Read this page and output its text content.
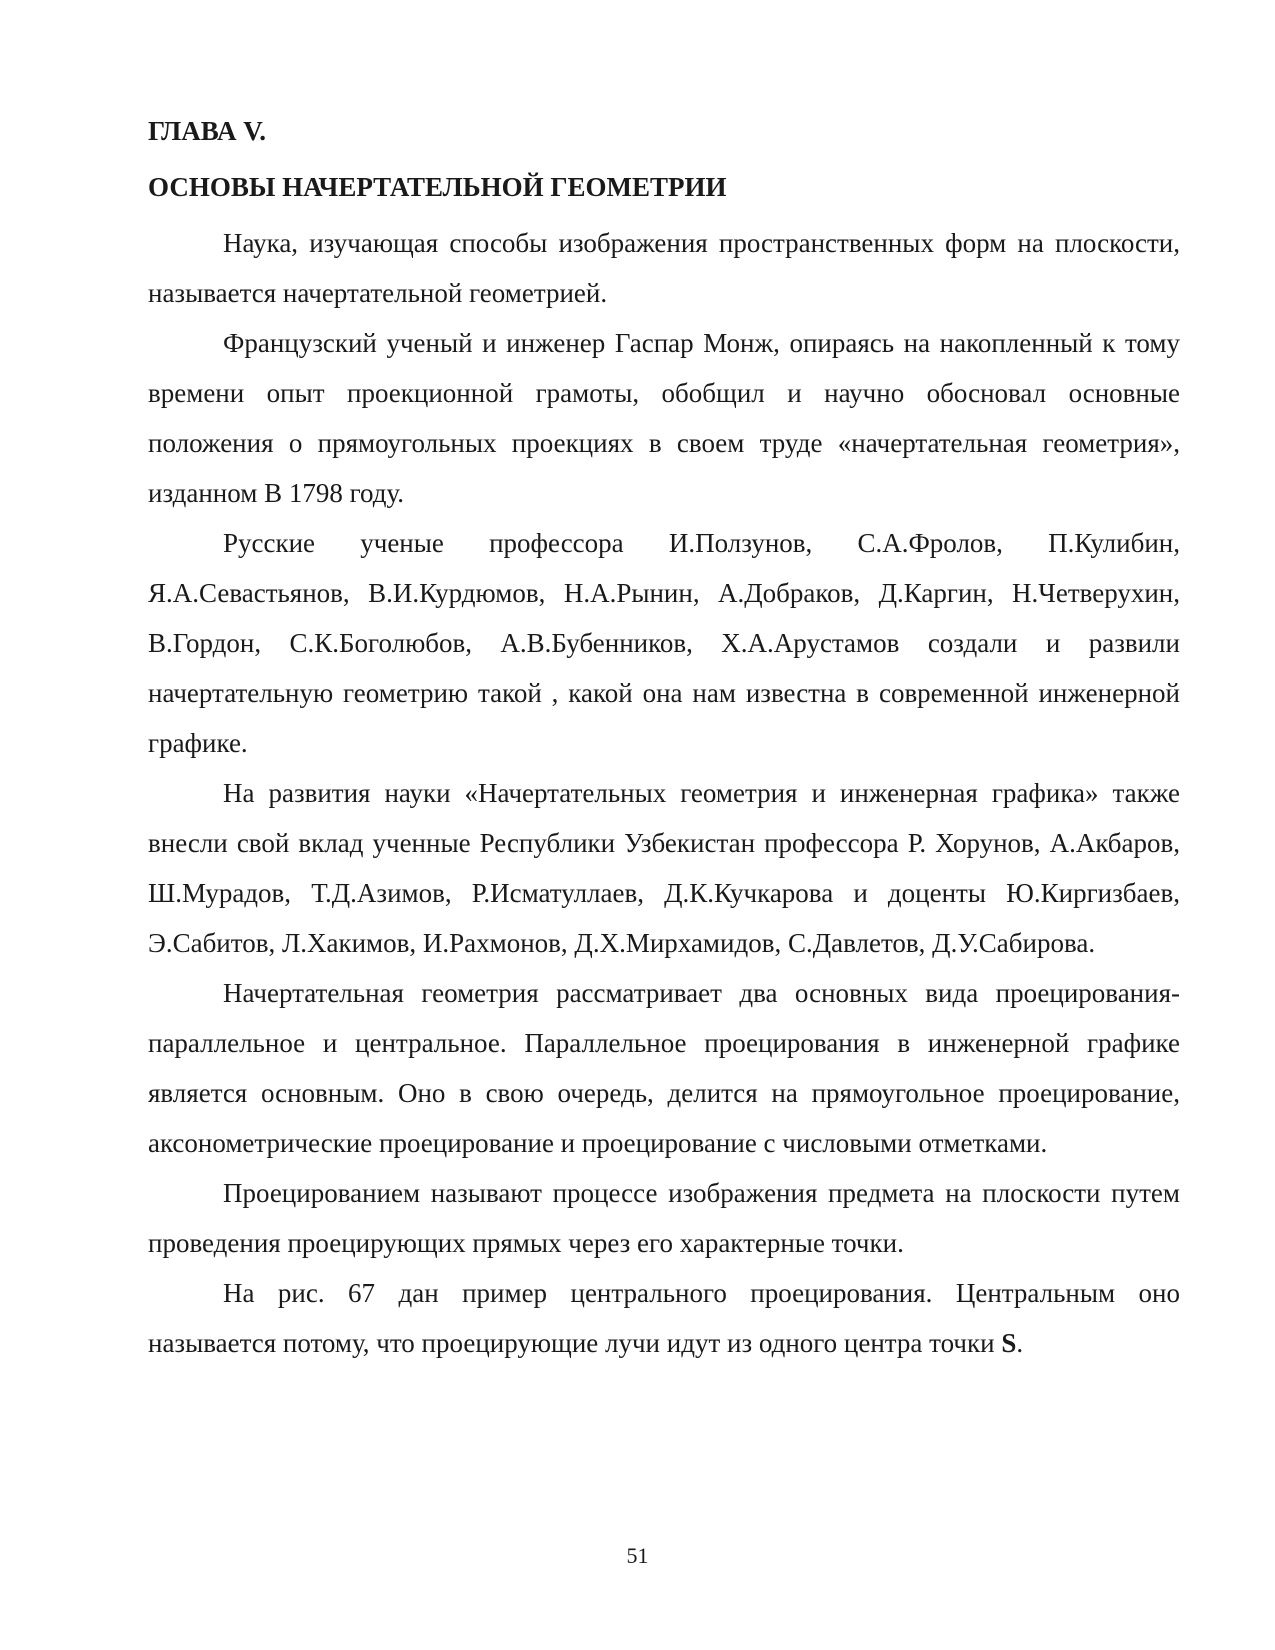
ГЛАВА V.
ОСНОВЫ НАЧЕРТАТЕЛЬНОЙ ГЕОМЕТРИИ

Наука, изучающая способы изображения пространственных форм на плоскости, называется начертательной геометрией.

Французский ученый и инженер Гаспар Монж, опираясь на накопленный к тому времени опыт проекционной грамоты, обобщил и научно обосновал основные положения о прямоугольных проекциях в своем труде «начертательная геометрия», изданном В 1798 году.

Русские ученые профессора И.Ползунов, С.А.Фролов, П.Кулибин, Я.А.Севастьянов, В.И.Курдюмов, Н.А.Рынин, А.Добраков, Д.Каргин, Н.Четверухин, В.Гордон, С.К.Боголюбов, А.В.Бубенников, Х.А.Арустамов создали и развили начертательную геометрию такой , какой она нам известна в современной инженерной графике.

На развития науки «Начертательных геометрия и инженерная графика» также внесли свой вклад ученные Республики Узбекистан профессора Р. Хорунов, А.Акбаров, Ш.Мурадов, Т.Д.Азимов, Р.Исматуллаев, Д.К.Кучкарова и доценты Ю.Киргизбаев, Э.Сабитов, Л.Хакимов, И.Рахмонов, Д.Х.Мирхамидов, С.Давлетов, Д.У.Сабирова.

Начертательная геометрия рассматривает два основных вида проецирования- параллельное и центральное. Параллельное проецирования в инженерной графике является основным. Оно в свою очередь, делится на прямоугольное проецирование, аксонометрические проецирование и проецирование с числовыми отметками.

Проецированием называют процессе изображения предмета на плоскости путем проведения проецирующих прямых через его характерные точки.

На рис. 67 дан пример центрального проецирования. Центральным оно называется потому, что проецирующие лучи идут из одного центра точки S.

51
